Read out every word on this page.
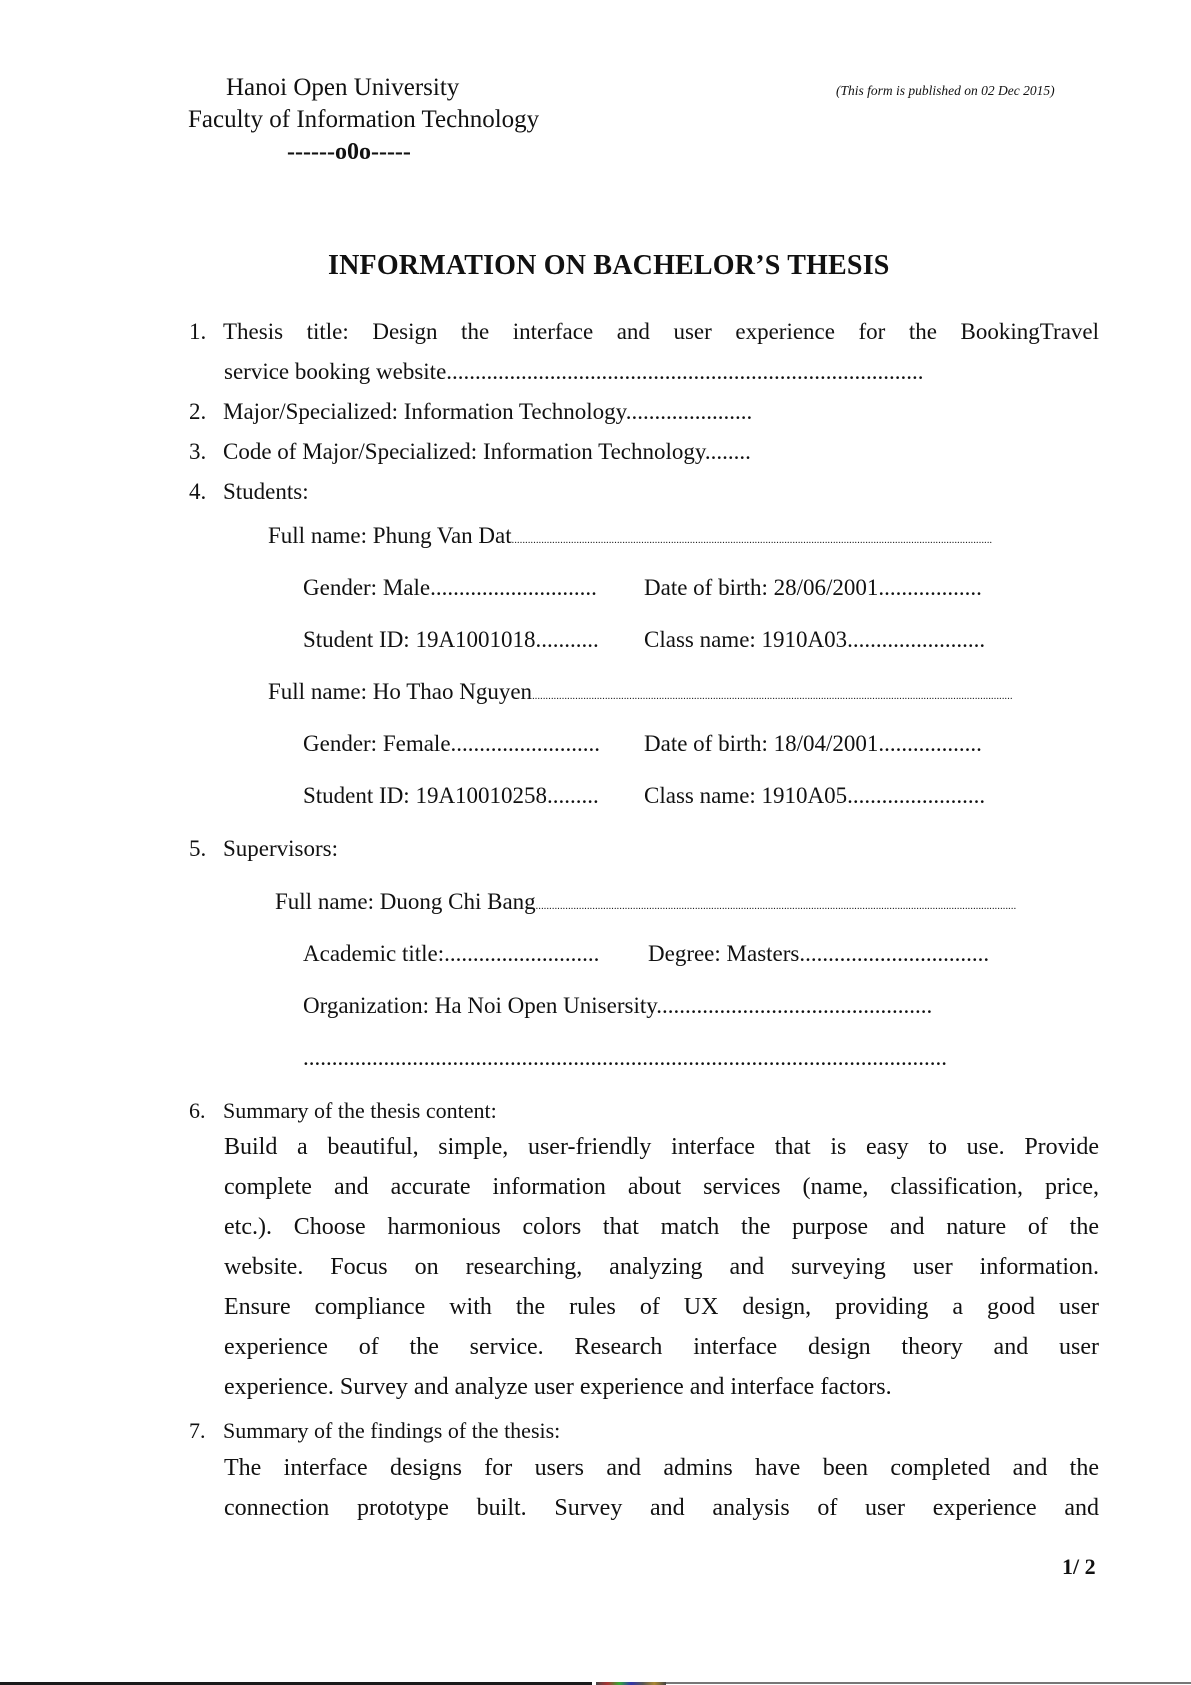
Hanoi Open University
Faculty of Information Technology
------o0o-----
(This form is published on 02 Dec 2015)
INFORMATION ON BACHELOR’S THESIS
1. Thesis title: Design the interface and user experience for the BookingTravel
service booking website...................................................................................
2. Major/Specialized: Information Technology......................
3. Code of Major/Specialized: Information Technology........
4. Students:
Full name: Phung Van Dat..................................................................................................................................................................................
Gender: Male............................. Date of birth: 28/06/2001..................
Student ID: 19A1001018........... Class name: 1910A03........................
Full name: Ho Thao Nguyen..................................................................................................................................................................................
Gender: Female.......................... Date of birth: 18/04/2001..................
Student ID: 19A10010258......... Class name: 1910A05........................
5. Supervisors:
Full name: Duong Chi Bang..................................................................................................................................................................................
Academic title:........................... Degree: Masters.................................
Organization: Ha Noi Open Unisersity................................................
................................................................................................................
6. Summary of the thesis content:
Build a beautiful, simple, user-friendly interface that is easy to use. Provide
complete and accurate information about services (name, classification, price,
etc.). Choose harmonious colors that match the purpose and nature of the
website. Focus on researching, analyzing and surveying user information.
Ensure compliance with the rules of UX design, providing a good user
experience of the service. Research interface design theory and user
experience. Survey and analyze user experience and interface factors.
7. Summary of the findings of the thesis:
The interface designs for users and admins have been completed and the
connection prototype built. Survey and analysis of user experience and
1/ 2
